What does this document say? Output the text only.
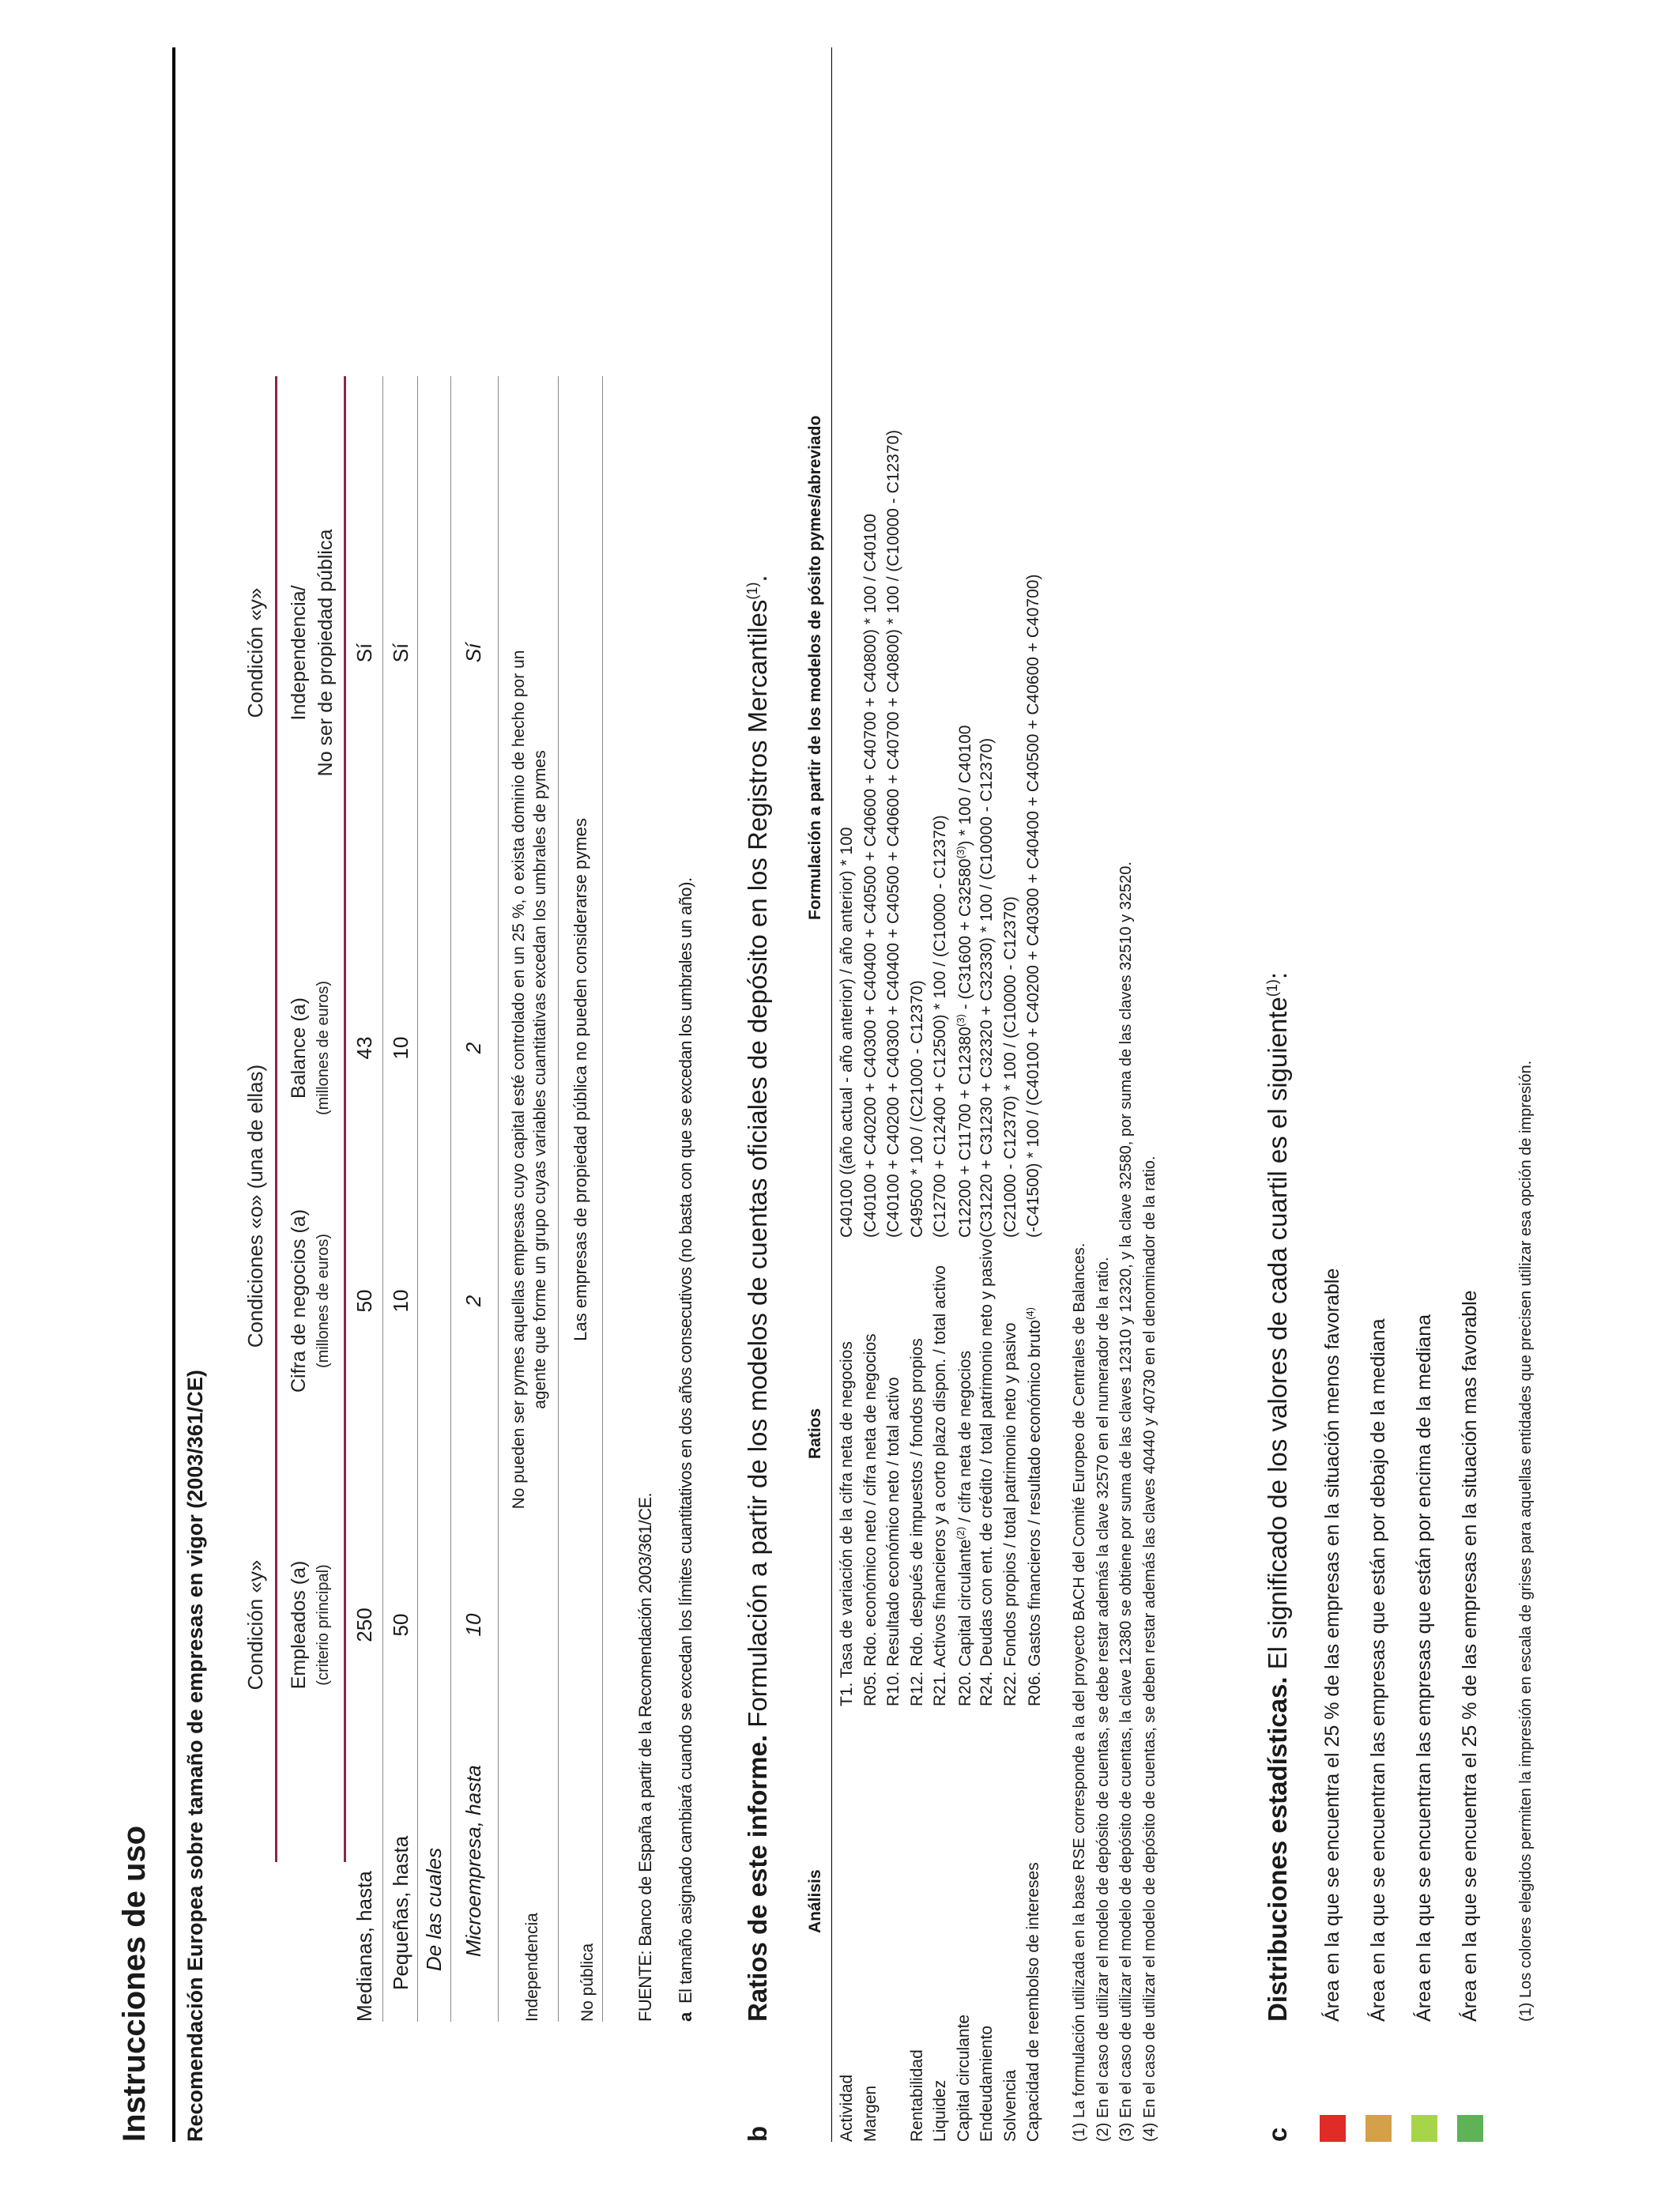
Instrucciones de uso Recomendación Europea sobre tamaño de empresas en vigor (2003/361/CE) Condición «y»
Condiciones «o» (una de ellas)
Condición «y»
Empleados (a) (criterio principal)
Cifra de negocios (a) (millones de euros)
Balance (a) (millones de euros)
Independencia/ No ser de propiedad pública
Medianas, hasta
250
50
43
Sí
Pequeñas, hasta
50
10
10
Sí
De las cuales Microempresa, hasta
10
2
2
Sí
Independencia
No pueden ser pymes aquellas empresas cuyo capital esté controlado en un 25 %, o exista dominio de hecho por un agente que forme un grupo cuyas variables cuantitativas excedan los umbrales de pymes
No pública
Las empresas de propiedad pública no pueden considerarse pymes
FUENTE: Banco de España a partir de la Recomendación 2003/361/CE. a  El tamaño asignado cambiará cuando se excedan los límites cuantitativos en dos años consecutivos (no basta con que se excedan los umbrales un año).
b
Ratios de este informe. Formulación a partir de los modelos de cuentas oficiales de depósito en los Registros Mercantiles$^{(1)}$.
Análisis
Ratios
Formulación a partir de los modelos de pósito pymes/abreviado
Actividad
T1. Tasa de variación de la cifra neta de negocios
C40100 ((año actual - año anterior) / año anterior) * 100
Margen
R05. Rdo. económico neto / cifra neta de negocios
(C40100 + C40200 + C40300 + C40400 + C40500 + C40600 + C40700 + C40800) * 100 / C40100
R10. Resultado económico neto / total activo
(C40100 + C40200 + C40300 + C40400 + C40500 + C40600 + C40700 + C40800) * 100 / (C10000 - C12370)
Rentabilidad
R12. Rdo. después de impuestos / fondos propios
C49500 * 100 / (C21000 - C12370)
Liquidez
R21. Activos financieros y a corto plazo dispon. / total activo
(C12700 + C12400 + C12500) * 100 / (C10000 - C12370)
Capital circulante
R20. Capital circulante$^{(2)}$ / cifra neta de negocios
$C12200 + C11700 + C12380^{(3)} - (C31600 + C32580^{(3)}) * 100 / C40100$
Endeudamiento
R24. Deudas con ent. de crédito / total patrimonio neto y pasivo
(C31220 + C31230 + C32320 + C32330) * 100 / (C10000 - C12370)
Solvencia
R22. Fondos propios / total patrimonio neto y pasivo
(C21000 - C12370) * 100 / (C10000 - C12370)
Capacidad de reembolso de intereses
R06. Gastos financieros / resultado económico bruto$^{(4)}$
(-C41500) * 100 / (C40100 + C40200 + C40300 + C40400 + C40500 + C40600 + C40700)
(1) La formulación utilizada en la base RSE corresponde a la del proyecto BACH del Comité Europeo de Centrales de Balances. (2) En el caso de utilizar el modelo de depósito de cuentas, se debe restar además la clave 32570 en el numerador de la ratio. (3) En el caso de utilizar el modelo de depósito de cuentas, la clave 12380 se obtiene por suma de las claves 12310 y 12320, y la clave 32580, por suma de las claves 32510 y 32520. (4) En el caso de utilizar el modelo de depósito de cuentas, se deben restar además las claves 40440 y 40730 en el denominador de la ratio.	c
Distribuciones estadísticas. El significado de los valores de cada cuartil es el siguiente$^{(1)}$:
Área en la que se encuentra el 25 % de las empresas en la situación menos favorable Área en la que se encuentran las empresas que están por debajo de la mediana Área en la que se encuentran las empresas que están por encima de la mediana Área en la que se encuentra el 25 % de las empresas en la situación mas favorable (1) Los colores elegidos permiten la impresión en escala de grises para aquellas entidades que precisen utilizar esa opción de impresión.
